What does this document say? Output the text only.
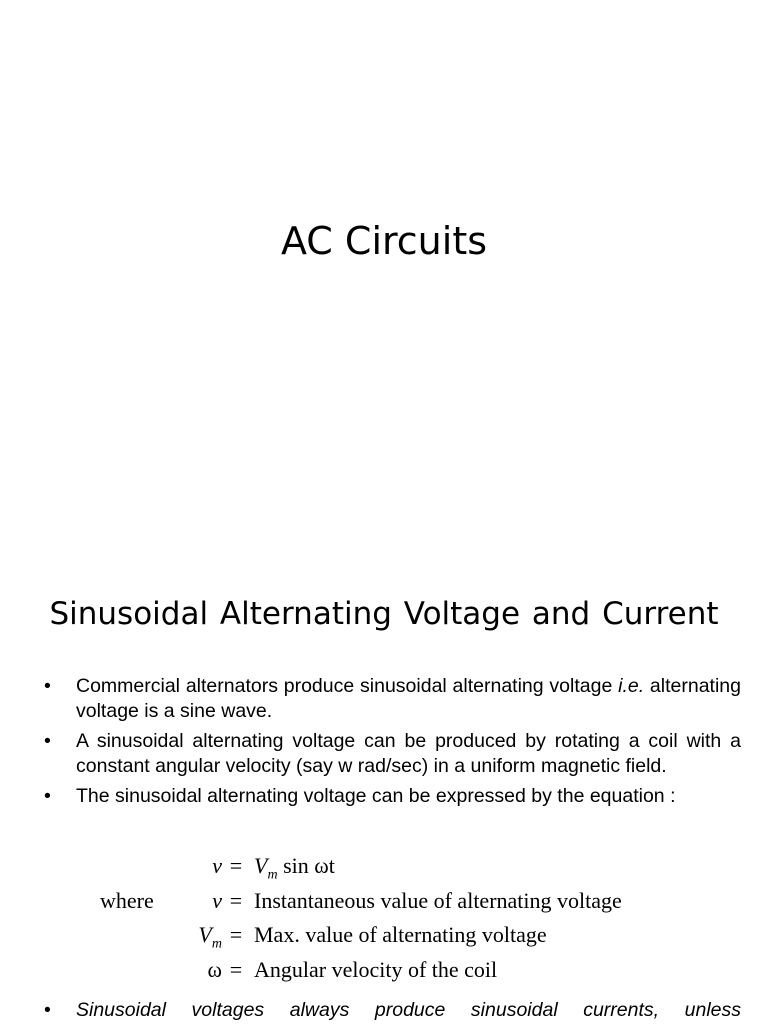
AC Circuits
Sinusoidal Alternating Voltage and Current
• Commercial alternators produce sinusoidal alternating voltage i.e. alternating voltage is a sine wave.
• A sinusoidal alternating voltage can be produced by rotating a coil with a constant angular velocity (say w rad/sec) in a uniform magnetic field.
• The sinusoidal alternating voltage can be expressed by the equation :
$v = V_m$ sin ωt
where	v = Instantaneous value of alternating voltage
$V_m$ = Max. value of alternating voltage
ω = Angular velocity of the coil
•	Sinusoidal voltages always produce sinusoidal currents, unless
